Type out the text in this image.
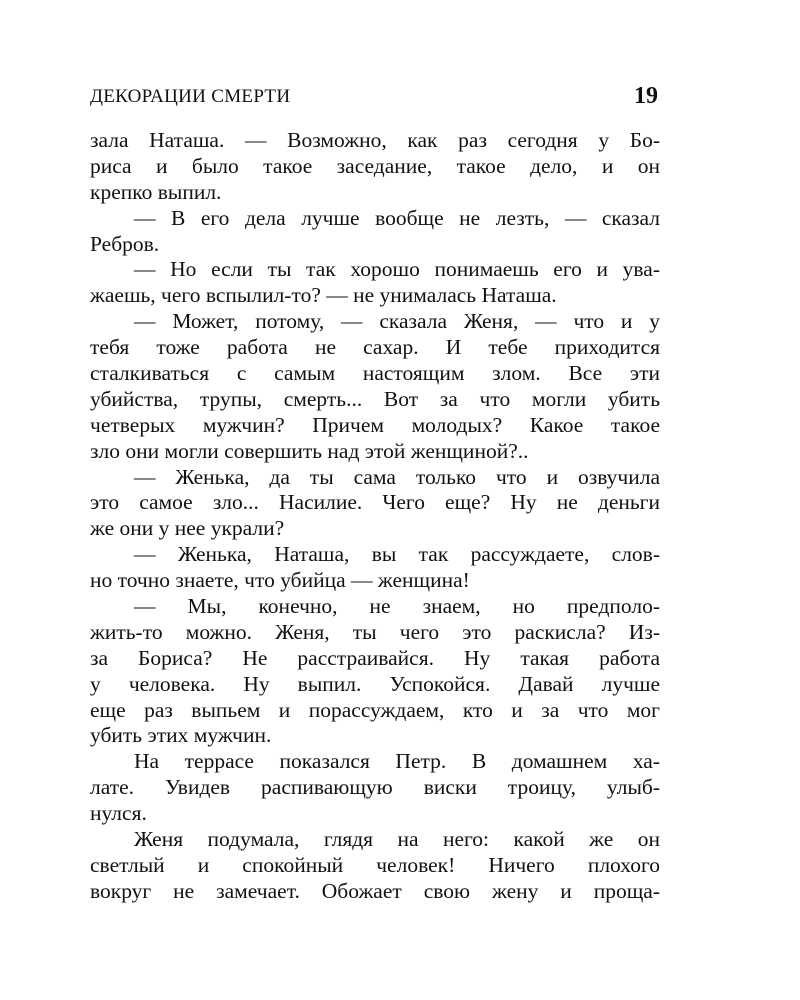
ДЕКОРАЦИИ СМЕРТИ	19
зала Наташа. — Возможно, как раз сегодня у Бо-
риса и было такое заседание, такое дело, и он
крепко выпил.
— В его дела лучше вообще не лезть, — сказал
Ребров.
— Но если ты так хорошо понимаешь его и ува-
жаешь, чего вспылил-то? — не унималась Наташа.
— Может, потому, — сказала Женя, — что и у
тебя тоже работа не сахар. И тебе приходится
сталкиваться с самым настоящим злом. Все эти
убийства, трупы, смерть... Вот за что могли убить
четверых мужчин? Причем молодых? Какое такое
зло они могли совершить над этой женщиной?..
— Женька, да ты сама только что и озвучила
это самое зло... Насилие. Чего еще? Ну не деньги
же они у нее украли?
— Женька, Наташа, вы так рассуждаете, слов-
но точно знаете, что убийца — женщина!
— Мы, конечно, не знаем, но предполо-
жить-то можно. Женя, ты чего это раскисла? Из-
за Бориса? Не расстраивайся. Ну такая работа
у человека. Ну выпил. Успокойся. Давай лучше
еще раз выпьем и порассуждаем, кто и за что мог
убить этих мужчин.
На террасе показался Петр. В домашнем ха-
лате. Увидев распивающую виски троицу, улыб-
нулся.
Женя подумала, глядя на него: какой же он
светлый и спокойный человек! Ничего плохого
вокруг не замечает. Обожает свою жену и проща-
